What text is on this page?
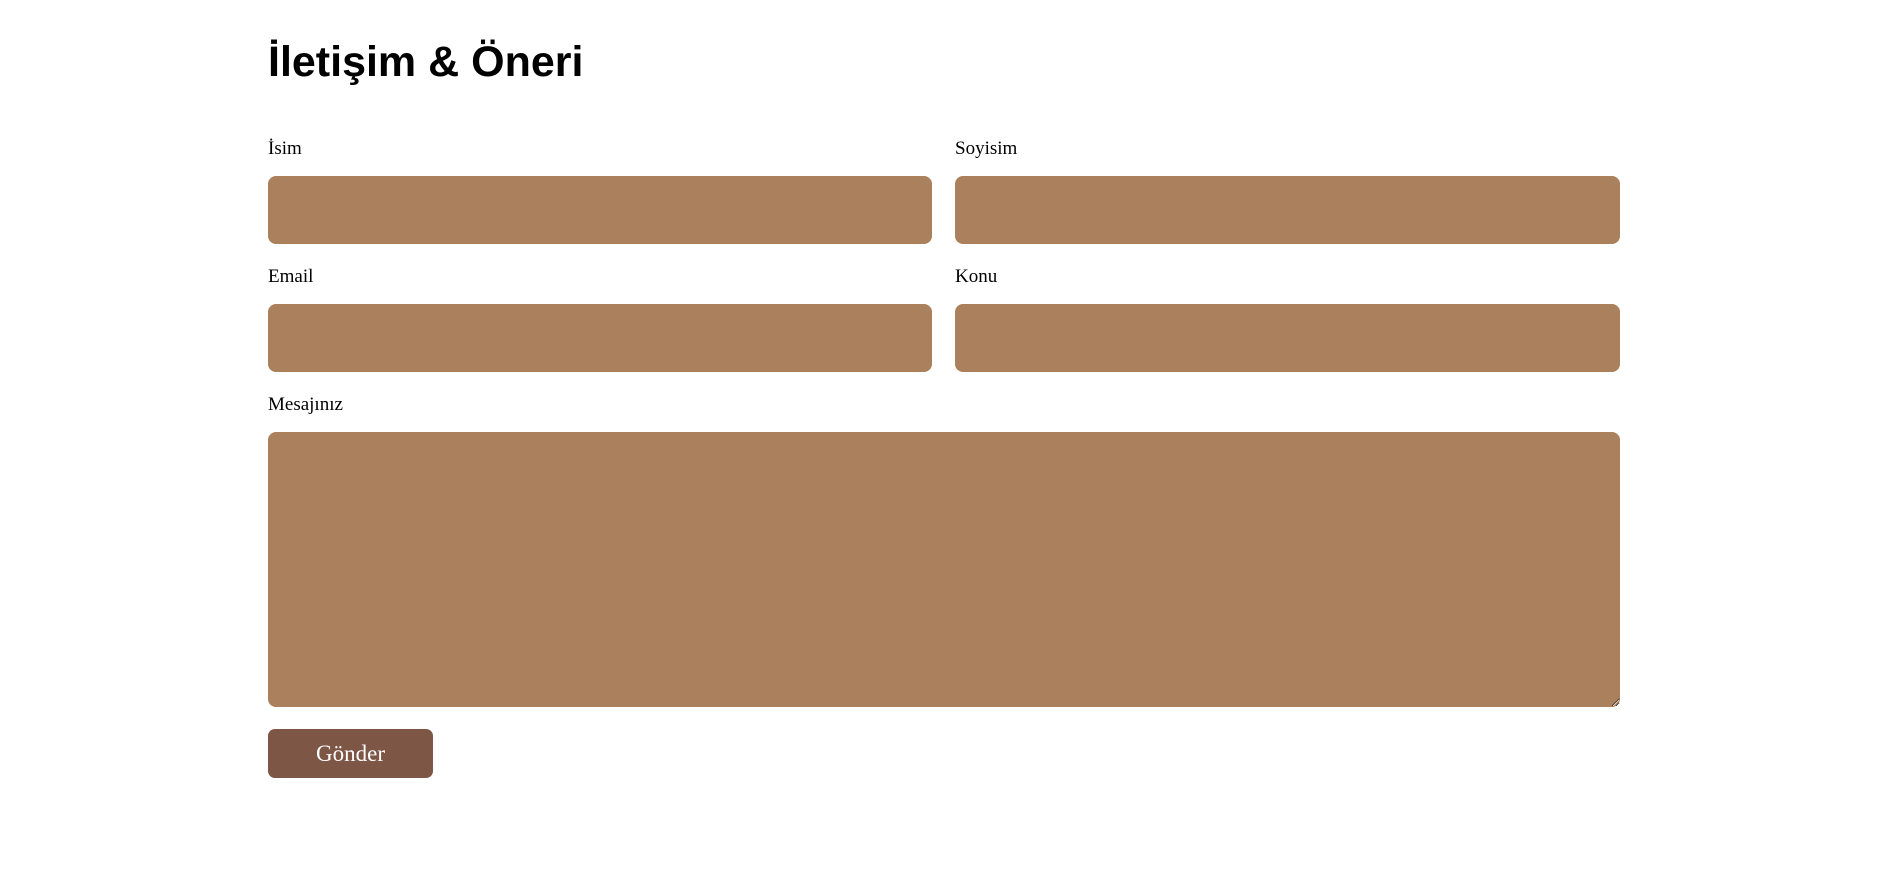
İletişim & Öneri
İsim	Soyisim
Email	Konu
Mesajınız
Gönder
